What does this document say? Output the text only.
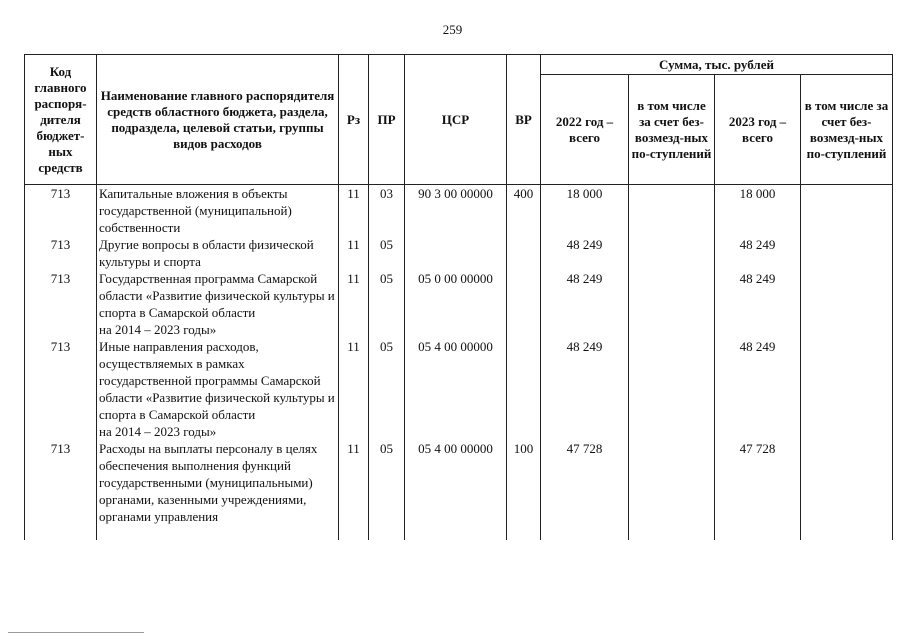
259
Код главного распоря-дителя бюджет-ных средств	Наименование главного распорядителя средств областного бюджета, раздела, подраздела, целевой статьи, группы видов расходов	Рз	ПР	ЦСР	ВР	Сумма, тыс. рублей			
						2022 год – всего	в том числе за счет без-возмезд-ных по-ступлений	2023 год – всего	в том числе за счет без-возмезд-ных по-ступлений
713	Капитальные вложения в объекты государственной (муниципальной) собственности	11	03	90 3 00 00000	400	18 000		18 000	
713	Другие вопросы в области физической культуры и спорта	11	05			48 249		48 249	
713	Государственная программа Самарской области «Развитие физической культуры и спорта в Самарской области
на 2014 – 2023 годы»	11	05	05 0 00 00000		48 249		48 249	
713	Иные направления расходов, осуществляемых в рамках государственной программы Самарской области «Развитие физической культуры и спорта в Самарской области
на 2014 – 2023 годы»	11	05	05 4 00 00000		48 249		48 249	
713	Расходы на выплаты персоналу в целях обеспечения выполнения функций государственными (муниципальными) органами, казенными учреждениями, органами управления	11	05	05 4 00 00000	100	47 728		47 728	
